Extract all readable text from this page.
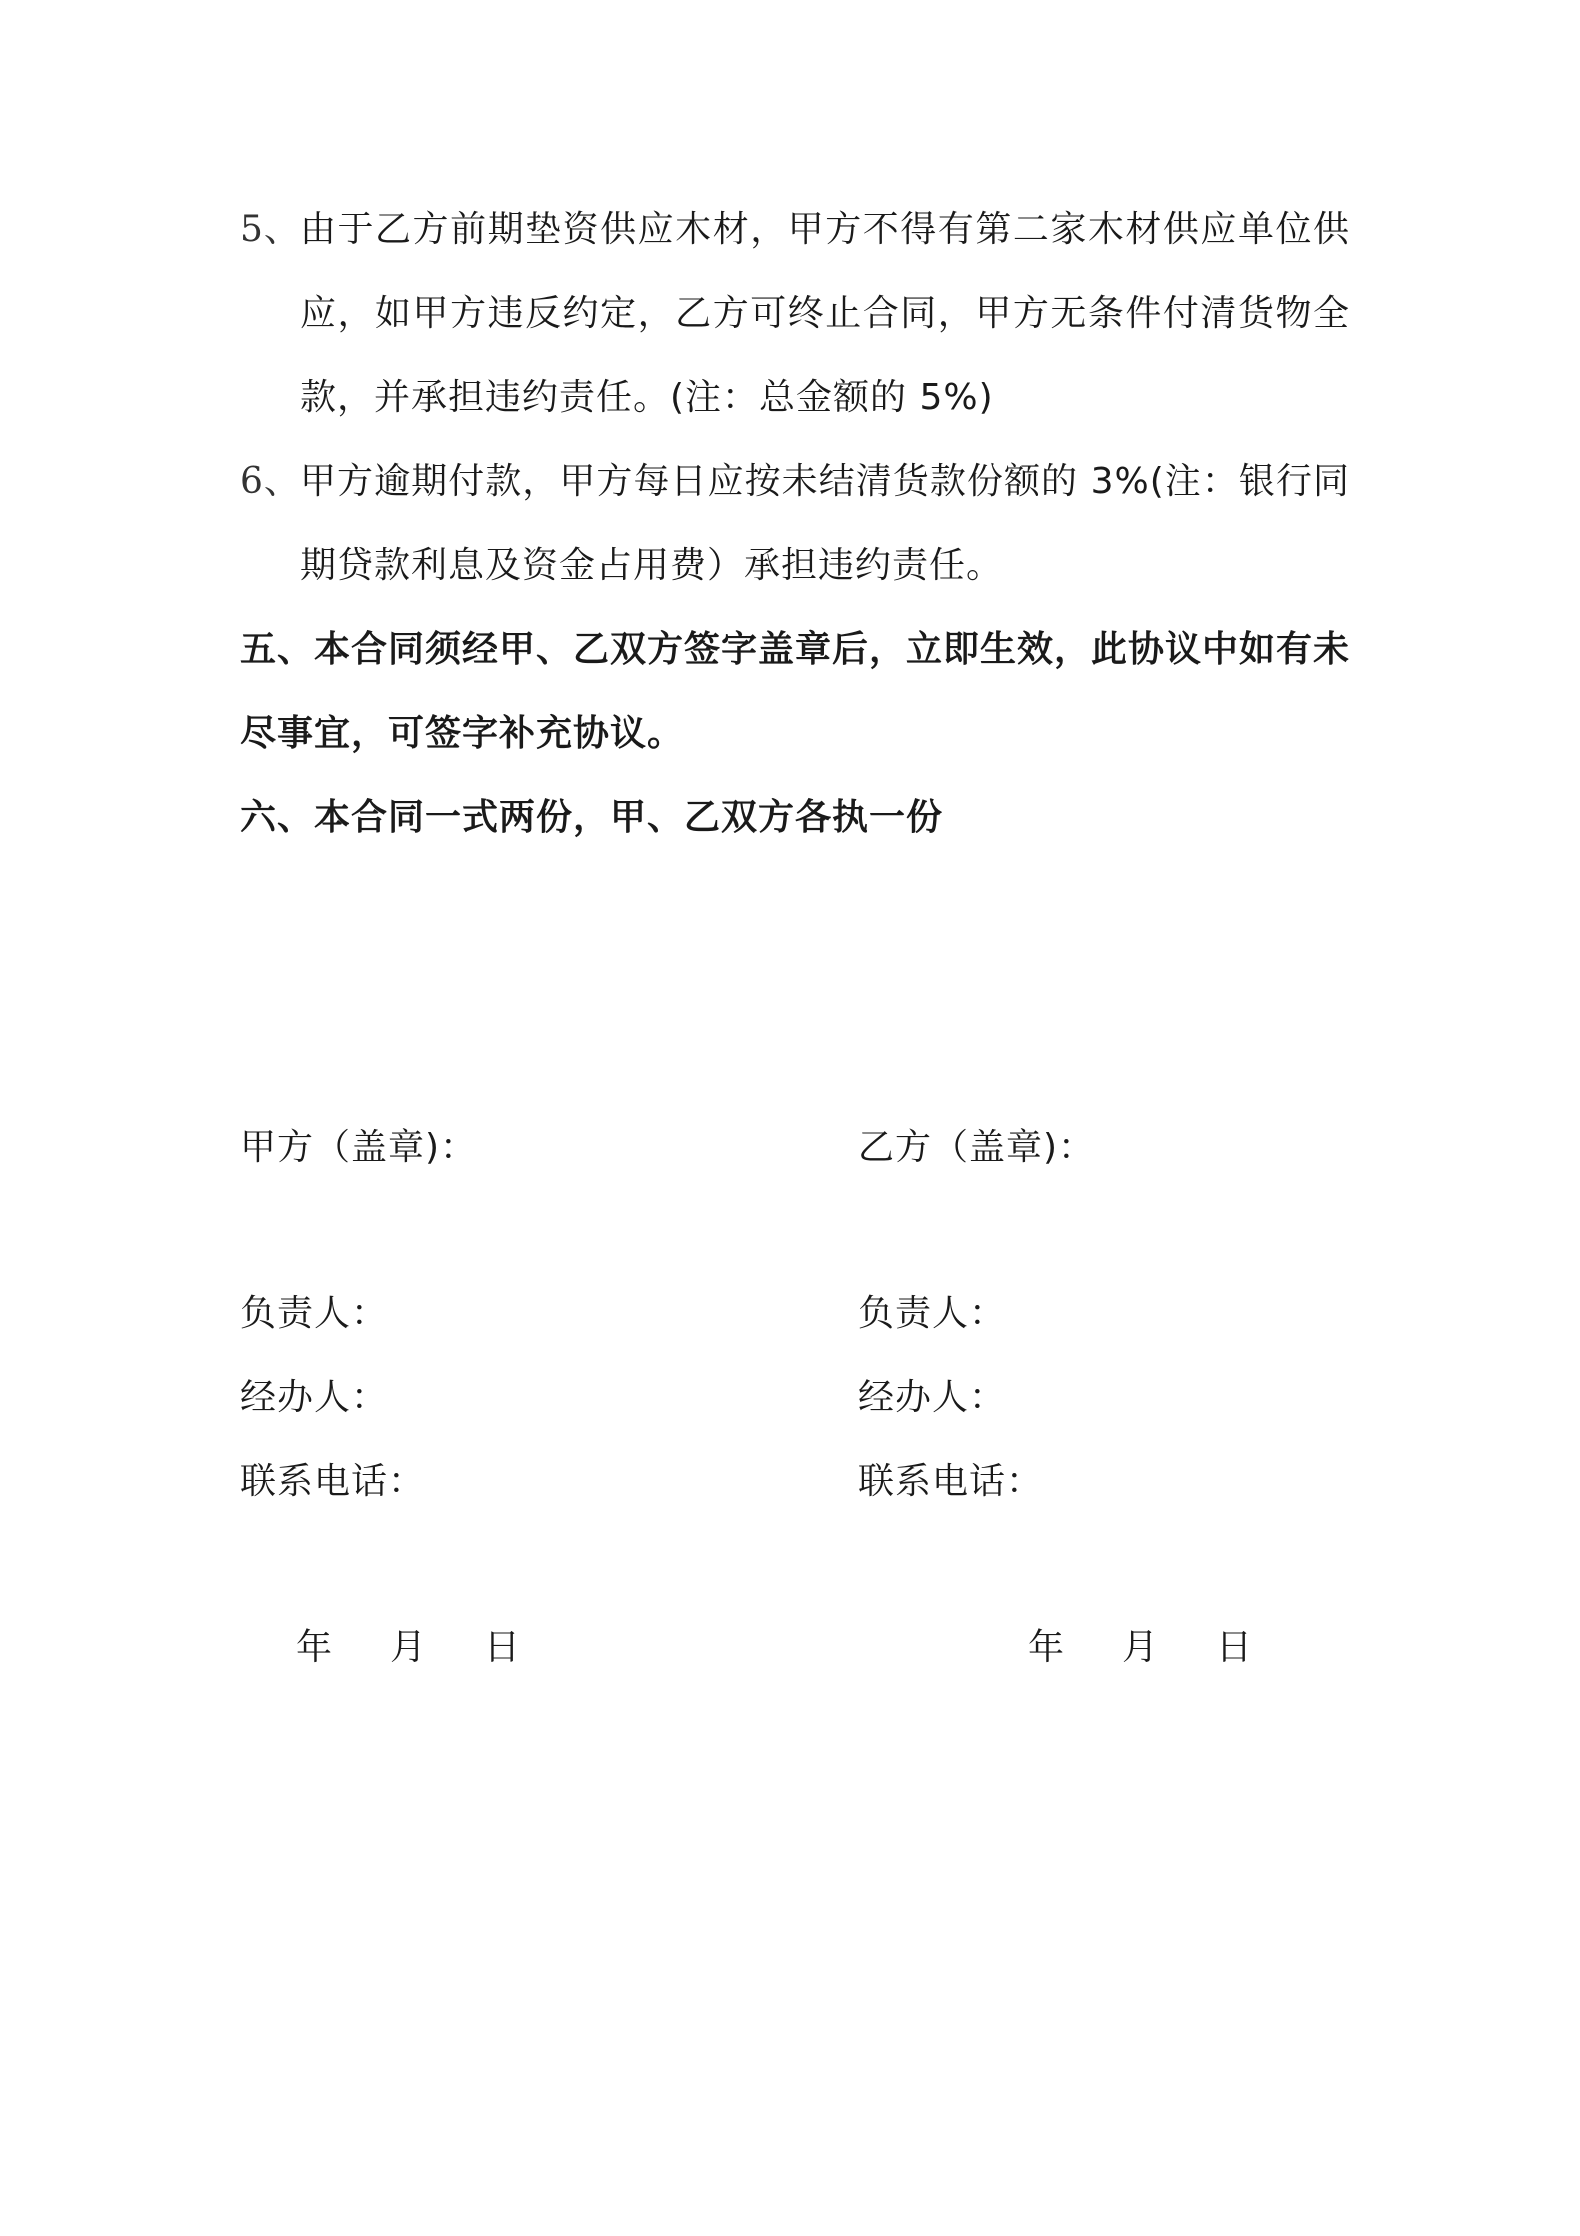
5、 由于乙方前期垫资供应木材，甲方不得有第二家木材供应单位供应，如甲方违反约定，乙方可终止合同，甲方无条件付清货物全款，并承担违约责任。(注：总金额的 5%)
6、 甲方逾期付款，甲方每日应按未结清货款份额的 3%(注：银行同期贷款利息及资金占用费）承担违约责任。
五、本合同须经甲、乙双方签字盖章后，立即生效，此协议中如有未尽事宜，可签字补充协议。
六、本合同一式两份，甲、乙双方各执一份
甲方（盖章)：
负责人：
经办人：
联系电话：
乙方（盖章)：
负责人：
经办人：
联系电话：
年 月 日	年 月 日
